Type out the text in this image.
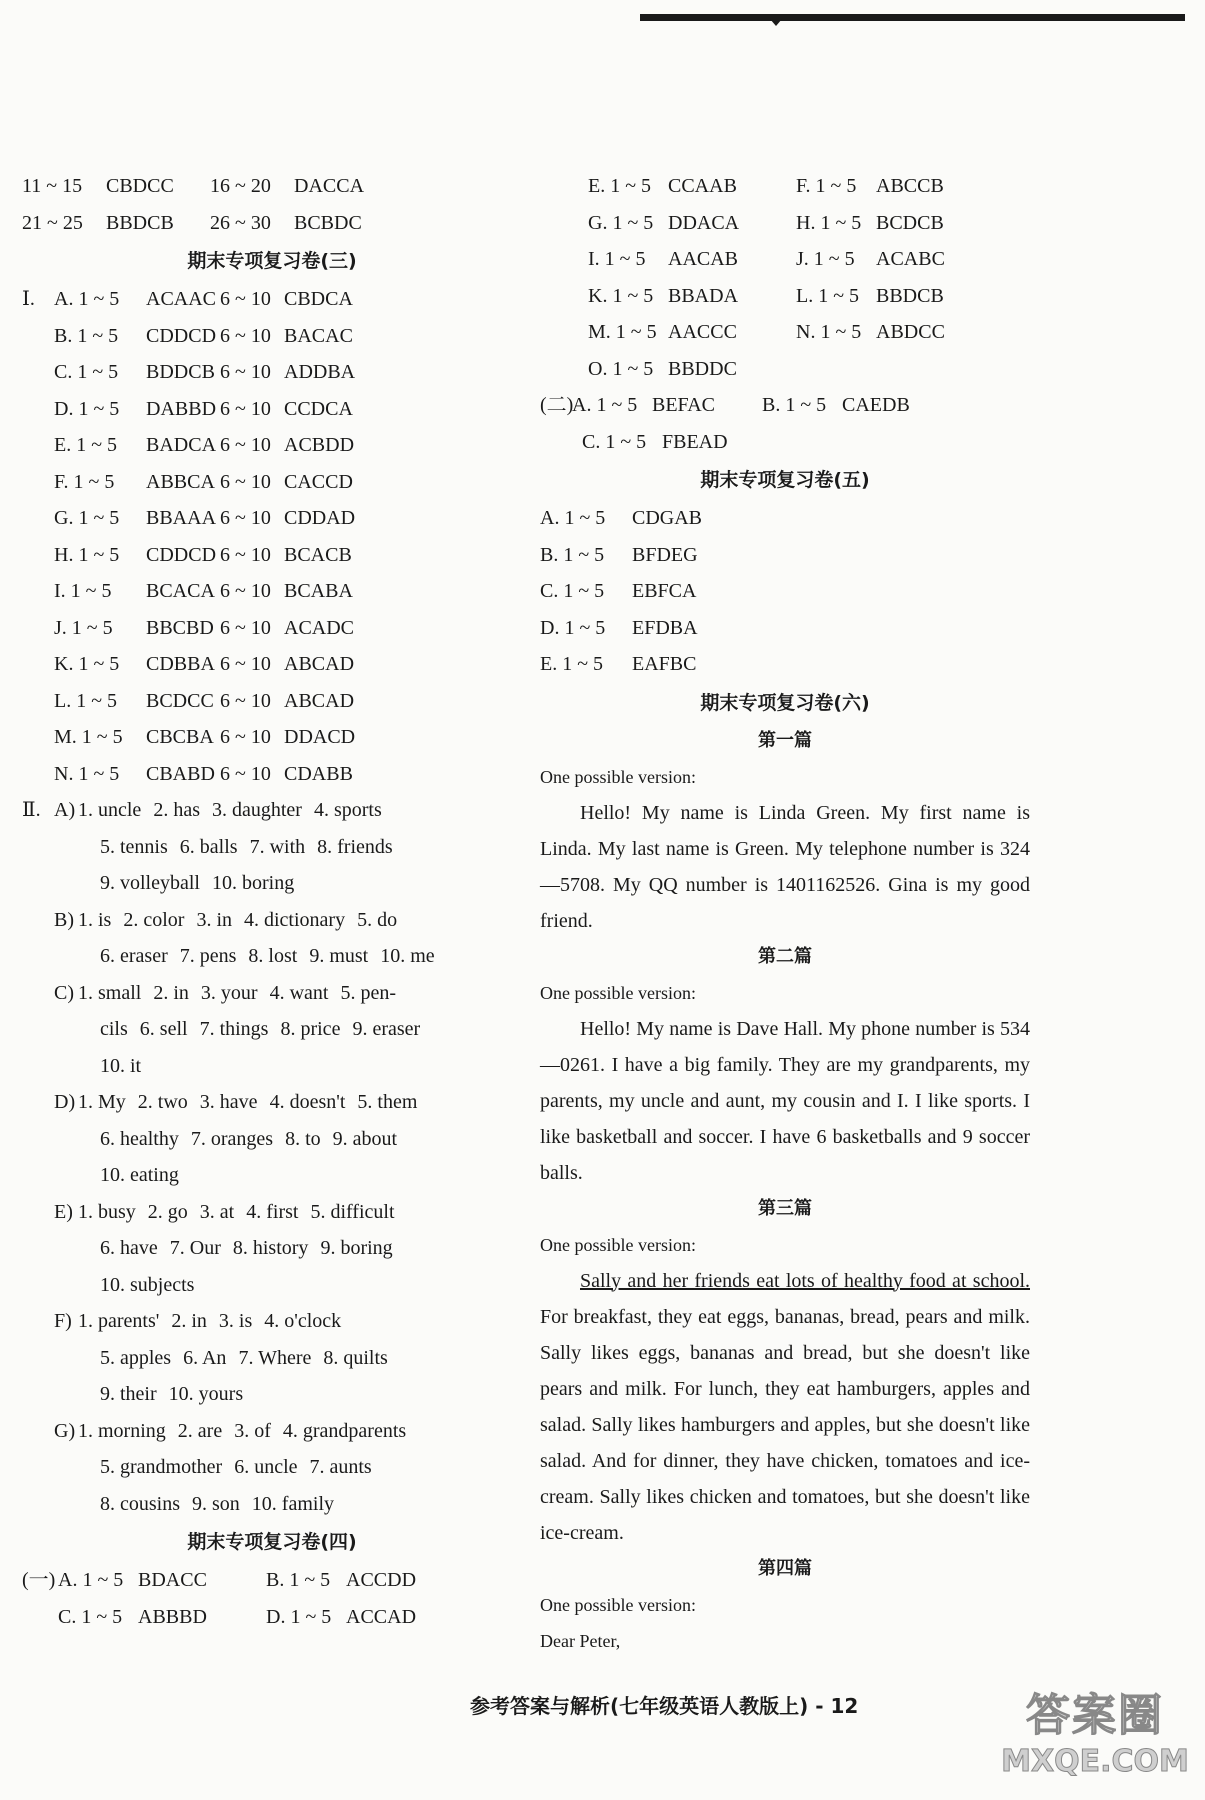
11 ~ 15 CBDCC 16 ~ 20 DACCA
21 ~ 25 BBDCB 26 ~ 30 BCBDC
期末专项复习卷(三)
Ⅰ. A. 1 ~ 5 ACAAC 6 ~ 10 CBDCA
B. 1 ~ 5 CDDCD 6 ~ 10 BACAC
C. 1 ~ 5 BDDCB 6 ~ 10 ADDBA
D. 1 ~ 5 DABBD 6 ~ 10 CCDCA
E. 1 ~ 5 BADCA 6 ~ 10 ACBDD
F. 1 ~ 5 ABBCA 6 ~ 10 CACCD
G. 1 ~ 5 BBAAA 6 ~ 10 CDDAD
H. 1 ~ 5 CDDCD 6 ~ 10 BCACB
I. 1 ~ 5 BCACA 6 ~ 10 BCABA
J. 1 ~ 5 BBCBD 6 ~ 10 ACADC
K. 1 ~ 5 CDBBA 6 ~ 10 ABCAD
L. 1 ~ 5 BCDCC 6 ~ 10 ABCAD
M. 1 ~ 5 CBCBA 6 ~ 10 DDACD
N. 1 ~ 5 CBABD 6 ~ 10 CDABB
Ⅱ. A)1. uncle 2. has 3. daughter 4. sports
5. tennis 6. balls 7. with 8. friends
9. volleyball 10. boring
B)1. is 2. color 3. in 4. dictionary 5. do
6. eraser 7. pens 8. lost 9. must 10. me
C)1. small 2. in 3. your 4. want 5. pen-
cils 6. sell 7. things 8. price 9. eraser
10. it
D)1. My 2. two 3. have 4. doesn't 5. them
6. healthy 7. oranges 8. to 9. about
10. eating
E)1. busy 2. go 3. at 4. first 5. difficult
6. have 7. Our 8. history 9. boring
10. subjects
F)1. parents' 2. in 3. is 4. o'clock
5. apples 6. An 7. Where 8. quilts
9. their 10. yours
G)1. morning 2. are 3. of 4. grandparents
5. grandmother 6. uncle 7. aunts
8. cousins 9. son 10. family
期末专项复习卷(四)
(一) A. 1 ~ 5 BDACC	B. 1 ~ 5 ACCDD
C. 1 ~ 5 ABBBD	D. 1 ~ 5 ACCAD
E. 1 ~ 5 CCAAB	F. 1 ~ 5 ABCCB
G. 1 ~ 5 DDACA	H. 1 ~ 5 BCDCB
I. 1 ~ 5 AACAB	J. 1 ~ 5 ACABC
K. 1 ~ 5 BBADA	L. 1 ~ 5 BBDCB
M. 1 ~ 5 AACCC	N. 1 ~ 5 ABDCC
O. 1 ~ 5 BBDDC
(二)A. 1 ~ 5 BEFAC B. 1 ~ 5 CAEDB
C. 1 ~ 5 FBEAD
期末专项复习卷(五)
A. 1 ~ 5 CDGAB
B. 1 ~ 5 BFDEG
C. 1 ~ 5 EBFCA
D. 1 ~ 5 EFDBA
E. 1 ~ 5 EAFBC
期末专项复习卷(六)
第一篇
One possible version:
Hello! My name is Linda Green. My first name is Linda. My last name is Green. My telephone number is 324—5708. My QQ number is 1401162526. Gina is my good friend.
第二篇
One possible version:
Hello! My name is Dave Hall. My phone number is 534—0261. I have a big family. They are my grandparents, my parents, my uncle and aunt, my cousin and I. I like sports. I like basketball and soccer. I have 6 basketballs and 9 soccer balls.
第三篇
One possible version:
Sally and her friends eat lots of healthy food at school. For breakfast, they eat eggs, bananas, bread, pears and milk. Sally likes eggs, bananas and bread, but she doesn't like pears and milk. For lunch, they eat hamburgers, apples and salad. Sally likes hamburgers and apples, but she doesn't like salad. And for dinner, they have chicken, tomatoes and ice-cream. Sally likes chicken and tomatoes, but she doesn't like ice-cream.
第四篇
One possible version:
Dear Peter,
参考答案与解析(七年级英语人教版上) - 12	答案圈
MXQE.COM
